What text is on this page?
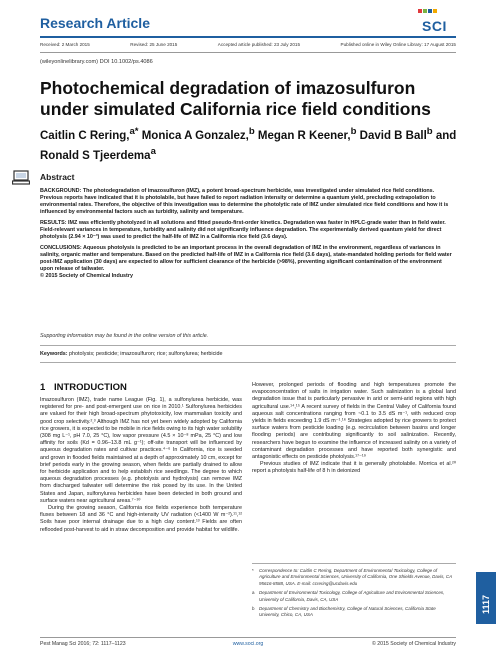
Research Article	SCI
Received: 2 March 2015	Revised: 25 June 2015	Accepted article published: 23 July 2015	Published online in Wiley Online Library: 17 August 2015
(wileyonlinelibrary.com) DOI 10.1002/ps.4086
Photochemical degradation of imazosulfuron under simulated California rice field conditions
Caitlin C Rering,$^{a*}$ Monica A Gonzalez,$^b$ Megan R Keener,$^b$ David B Ball$^b$ and
Ronald S Tjeerdema$^a$
Abstract

BACKGROUND: The photodegradation of imazosulfuron (IMZ), a potent broad-spectrum herbicide, was investigated under simulated rice field conditions. Previous reports have indicated that it is photolabile, but have failed to report radiation intensity or determine a quantum yield, precluding extrapolation to environmental rates. Therefore, the objective of this investigation was to determine the photolytic rate of IMZ under simulated rice field conditions and how it is influenced by environmental factors such as turbidity, salinity and temperature.

RESULTS: IMZ was efficiently photolyzed in all solutions and fitted pseudo-first-order kinetics. Degradation was faster in HPLC-grade water than in field water. Field-relevant variances in temperature, turbidity and salinity did not significantly influence degradation. The experimentally derived quantum yield for direct photolysis (2.94 × 10⁻³) was used to predict the half-life of IMZ in a California rice field (3.6 days).

CONCLUSIONS: Aqueous photolysis is predicted to be an important process in the overall degradation of IMZ in the environment, regardless of variances in salinity, organic matter and temperature. Based on the predicted half-life of IMZ in a California rice field (3.6 days), state-mandated holding periods for field water post-IMZ application (30 days) are expected to allow for sufficient clearance of the herbicide (>98%), preventing significant contamination of the environment upon release of tailwater.
© 2015 Society of Chemical Industry

Supporting information may be found in the online version of this article.
Keywords: photolysis; pesticide; imazosulfuron; rice; sulfonylurea; herbicide
1 INTRODUCTION

Imazosulfuron (IMZ), trade name League (Fig. 1), a sulfonylurea herbicide, was registered for pre- and post-emergent use on rice in 2010.¹ Sulfonylurea herbicides are valued for their high broad-spectrum phytotoxicity, low mammalian toxicity and good crop selectivity.²,³ Although IMZ has not yet been widely adopted by California rice growers, it is expected to be mobile in rice fields owing to its high water solubility (308 mg L⁻¹, pH 7.0, 25 °C), low vapor pressure (4.5 × 10⁻⁸ mPa, 25 °C) and low affinity for soils (Kd = 0.96–13.8 mL g⁻¹); off-site transport will be influenced by aqueous degradation rates and cultivar practices.⁴⁻⁶ In California, rice is seeded and grown in flooded fields maintained at a depth of approximately 10 cm, except for brief periods early in the growing season, when fields are partially drained to allow for herbicide application and to help establish rice seedlings. The degree to which aqueous degradation processes (e.g. photolysis and hydrolysis) can remove IMZ from discharged tailwater will determine the risk posed by its use. In the United States and Japan, sulfonylurea herbicides have been detected in both ground and surface waters near agricultural areas.⁷⁻¹⁰

During the growing season, California rice fields experience both temperature fluxes between 18 and 36 °C and high-intensity UV radiation (<1400 W m⁻²).¹¹,¹² Soils have poor internal drainage due to a high clay content.¹³ Fields are often reflooded post-harvest to aid in straw decomposition and provide habitat for wildlife.

However, prolonged periods of flooding and high temperatures promote the evapoconcentration of salts in irrigation water. Such salinization is a global land degradation issue that is particularly pervasive in arid or semi-arid regions with high agricultural use.¹⁴,¹⁵ A recent survey of fields in the Central Valley of California found aqueous salt concentrations ranging from ~0.1 to 3.5 dS m⁻¹, with reduced crop yields in fields exceeding 1.9 dS m⁻¹.¹⁶ Strategies adopted by rice growers to protect surface waters from pesticide loading (e.g. recirculation between basins and longer flooding periods) are contributing significantly to soil salinization. Recently, researchers have begun to examine the influence of increased salinity on a variety of contaminant degradation processes and have reported both synergistic and antagonistic effects on pesticide photolysis.¹⁷⁻¹⁹

Previous studies of IMZ indicate that it is generally photolabile. Morrica et al.²⁰ report a photolysis half-life of 8 h in deionized

*	Correspondence to: Caitlin C Rering, Department of Environmental Toxicology, College of Agriculture and Environmental Sciences, University of California, One Shields Avenue, Davis, CA 95616-8588, USA. E-mail: ccrering@ucdavis.edu
a Department of Environmental Toxicology, College of Agriculture and Environmental Sciences, University of California, Davis, CA, USA
b Department of Chemistry and Biochemistry, College of Natural Sciences, California State University, Chico, CA, USA
1117
Pest Manag Sci 2016; 72: 1117–1123	www.soci.org	© 2015 Society of Chemical Industry
